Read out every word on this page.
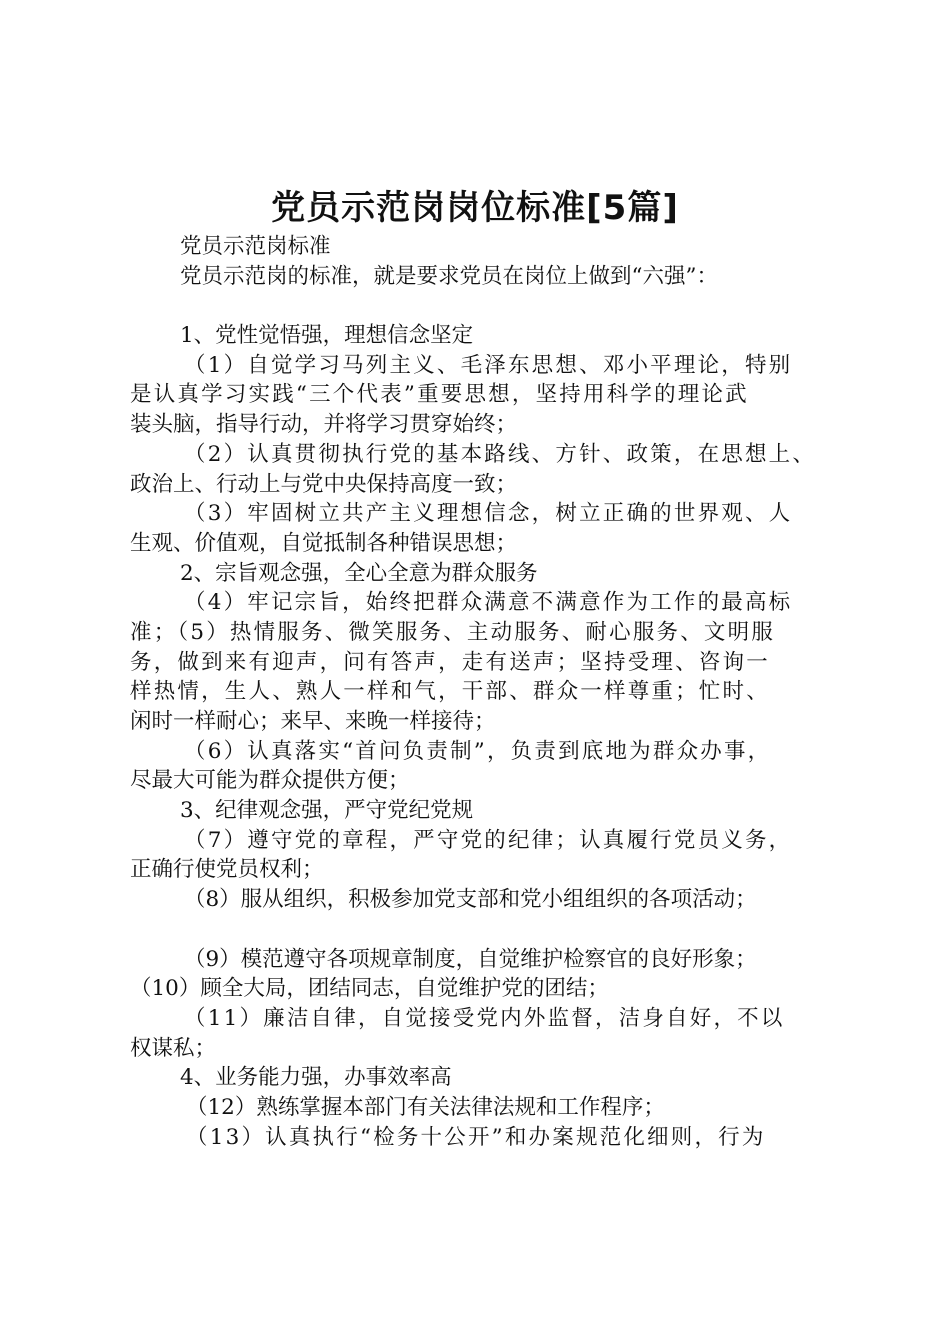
党员示范岗岗位标准[5篇]
党员示范岗标准
党员示范岗的标准，就是要求党员在岗位上做到“六强”：
1、党性觉悟强，理想信念坚定
（1）自觉学习马列主义、毛泽东思想、邓小平理论，特别
是认真学习实践“三个代表”重要思想，坚持用科学的理论武
装头脑，指导行动，并将学习贯穿始终；
（2）认真贯彻执行党的基本路线、方针、政策，在思想上、
政治上、行动上与党中央保持高度一致；
（3）牢固树立共产主义理想信念，树立正确的世界观、人
生观、价值观，自觉抵制各种错误思想；
2、宗旨观念强，全心全意为群众服务
（4）牢记宗旨，始终把群众满意不满意作为工作的最高标
准；（5）热情服务、微笑服务、主动服务、耐心服务、文明服
务，做到来有迎声，问有答声，走有送声；坚持受理、咨询一
样热情，生人、熟人一样和气，干部、群众一样尊重；忙时、
闲时一样耐心；来早、来晚一样接待；
（6）认真落实“首问负责制”，负责到底地为群众办事，
尽最大可能为群众提供方便；
3、纪律观念强，严守党纪党规
（7）遵守党的章程，严守党的纪律；认真履行党员义务，
正确行使党员权利；
（8）服从组织，积极参加党支部和党小组组织的各项活动；
（9）模范遵守各项规章制度，自觉维护检察官的良好形象；
（10）顾全大局，团结同志，自觉维护党的团结；
（11）廉洁自律，自觉接受党内外监督，洁身自好，不以
权谋私；
4、业务能力强，办事效率高
（12）熟练掌握本部门有关法律法规和工作程序；
（13）认真执行“检务十公开”和办案规范化细则，行为
